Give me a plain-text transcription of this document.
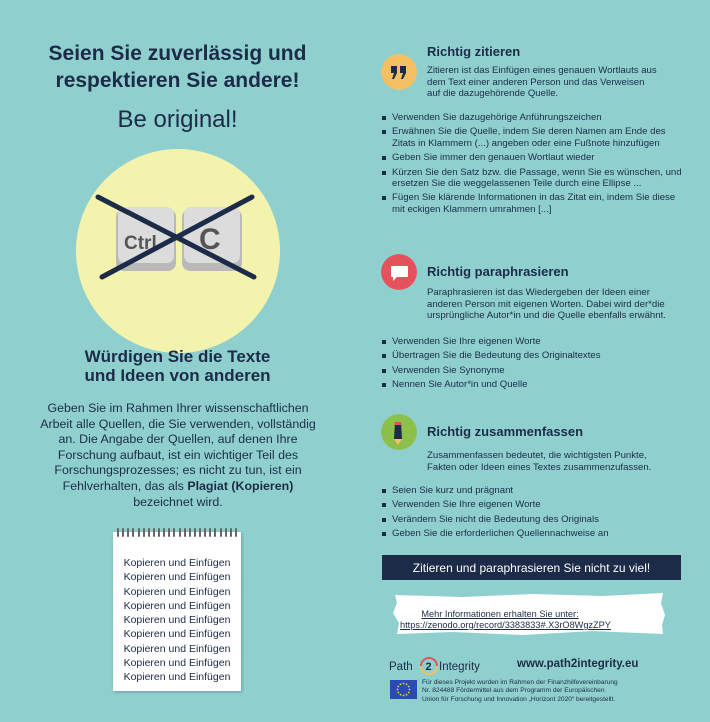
Seien Sie zuverlässig und
respektieren Sie andere!
Be original!
Ctrl C
Würdigen Sie die Texte
und Ideen von anderen
Geben Sie im Rahmen Ihrer wissenschaftlichen
Arbeit alle Quellen, die Sie verwenden, vollständig
an. Die Angabe der Quellen, auf denen Ihre
Forschung aufbaut, ist ein wichtiger Teil des
Forschungsprozesses; es nicht zu tun, ist ein
Fehlverhalten, das als Plagiat (Kopieren)
bezeichnet wird.
Kopieren und Einfügen
Kopieren und Einfügen
Kopieren und Einfügen
Kopieren und Einfügen
Kopieren und Einfügen
Kopieren und Einfügen
Kopieren und Einfügen
Kopieren und Einfügen
Kopieren und Einfügen
Richtig zitieren
Zitieren ist das Einfügen eines genauen Wortlauts aus
dem Text einer anderen Person und das Verweisen
auf die dazugehörende Quelle.
Verwenden Sie dazugehörige Anführungszeichen
Erwähnen Sie die Quelle, indem Sie deren Namen am Ende des Zitats in Klammern (...) angeben oder eine Fußnote hinzufügen
Geben Sie immer den genauen Wortlaut wieder
Kürzen Sie den Satz bzw. die Passage, wenn Sie es wünschen, und ersetzen Sie die weggelassenen Teile durch eine Ellipse ...
Fügen Sie klärende Informationen in das Zitat ein, indem Sie diese mit eckigen Klammern umrahmen [...]
Richtig paraphrasieren
Paraphrasieren ist das Wiedergeben der Ideen einer
anderen Person mit eigenen Worten. Dabei wird der*die
ursprüngliche Autor*in und die Quelle ebenfalls erwähnt.
Verwenden Sie Ihre eigenen Worte
Übertragen Sie die Bedeutung des Originaltextes
Verwenden Sie Synonyme
Nennen Sie Autor*in und Quelle
Richtig zusammenfassen
Zusammenfassen bedeutet, die wichtigsten Punkte,
Fakten oder Ideen eines Textes zusammenzufassen.
Seien Sie kurz und prägnant
Verwenden Sie Ihre eigenen Worte
Verändern Sie nicht die Bedeutung des Originals
Geben Sie die erforderlichen Quellennachweise an
Zitieren und paraphrasieren Sie nicht zu viel!
Mehr Informationen erhalten Sie unter:
https://zenodo.org/record/3383833#.X3rO8WgzZPY
Path 2 Integrity	www.path2integrity.eu
Für dieses Projekt wurden im Rahmen der Finanzhilfevereinbarung
Nr. 824488 Fördermittel aus dem Programm der Europäischen
Union für Forschung und Innovation „Horizont 2020“ bereitgestellt.
